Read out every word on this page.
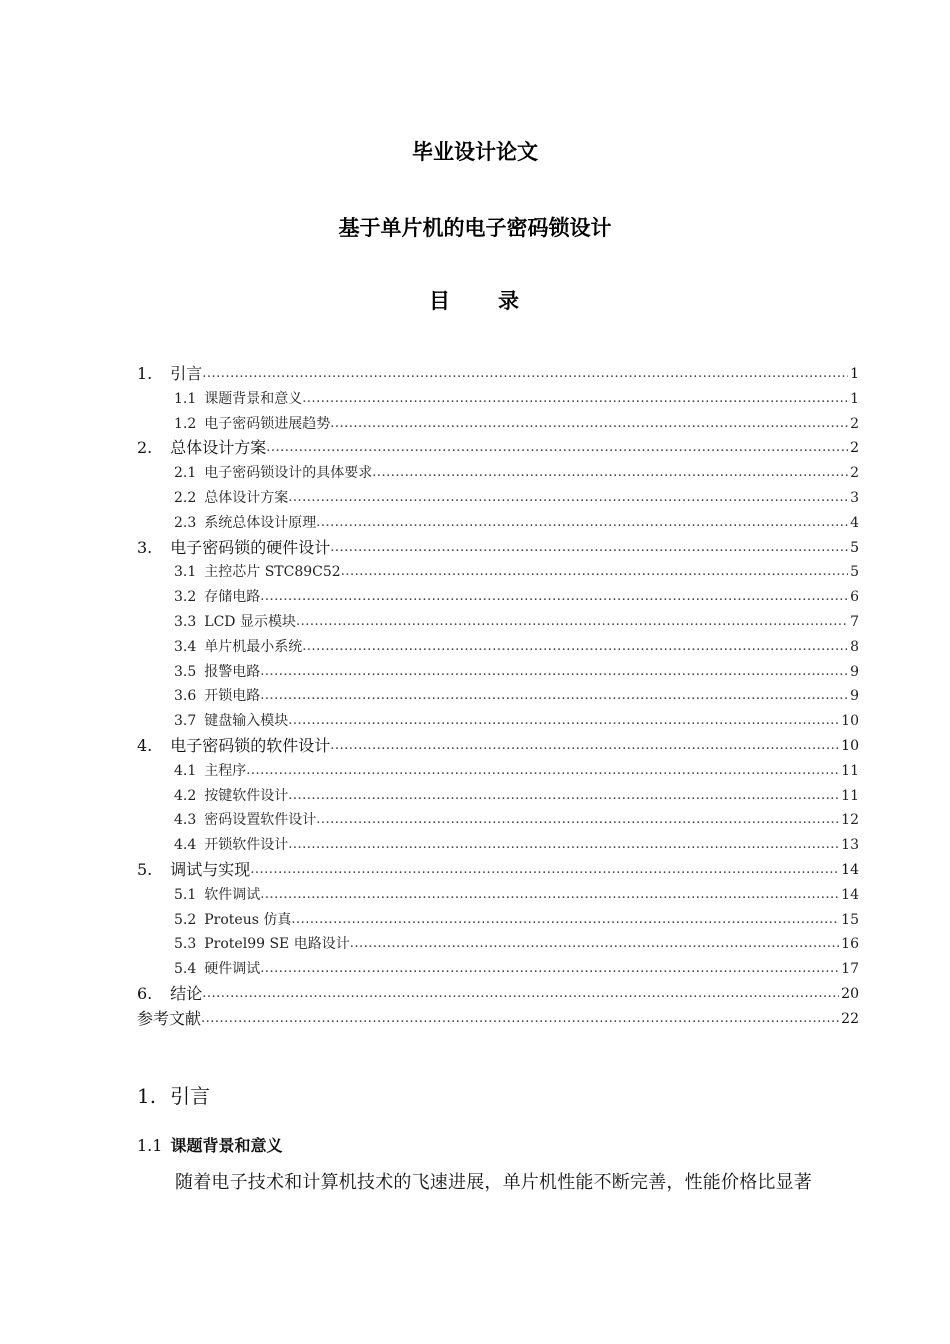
毕业设计论文
基于单片机的电子密码锁设计
目　　录
1. 引言 .....	1
1.1 课题背景和意义 .....	1
1.2 电子密码锁进展趋势 .....	2
2. 总体设计方案 .....	2
2.1 电子密码锁设计的具体要求 .....	2
2.2 总体设计方案 .....	3
2.3 系统总体设计原理 .....	4
3. 电子密码锁的硬件设计 .....	5
3.1 主控芯片 STC89C52 .....	5
3.2 存储电路 .....	6
3.3 LCD 显示模块 .....	7
3.4 单片机最小系统 .....	8
3.5 报警电路 .....	9
3.6 开锁电路 .....	9
3.7 键盘输入模块 .....	10
4. 电子密码锁的软件设计 .....	10
4.1 主程序 .....	11
4.2 按键软件设计 .....	11
4.3 密码设置软件设计 .....	12
4.4 开锁软件设计 .....	13
5. 调试与实现 .....	14
5.1 软件调试 .....	14
5.2 Proteus 仿真 .....	15
5.3 Protel99 SE 电路设计 .....	16
5.4 硬件调试 .....	17
6. 结论 .....	20
参考文献 .....	22
1. 引言
1.1 课题背景和意义
随着电子技术和计算机技术的飞速进展，单片机性能不断完善，性能价格比显著
